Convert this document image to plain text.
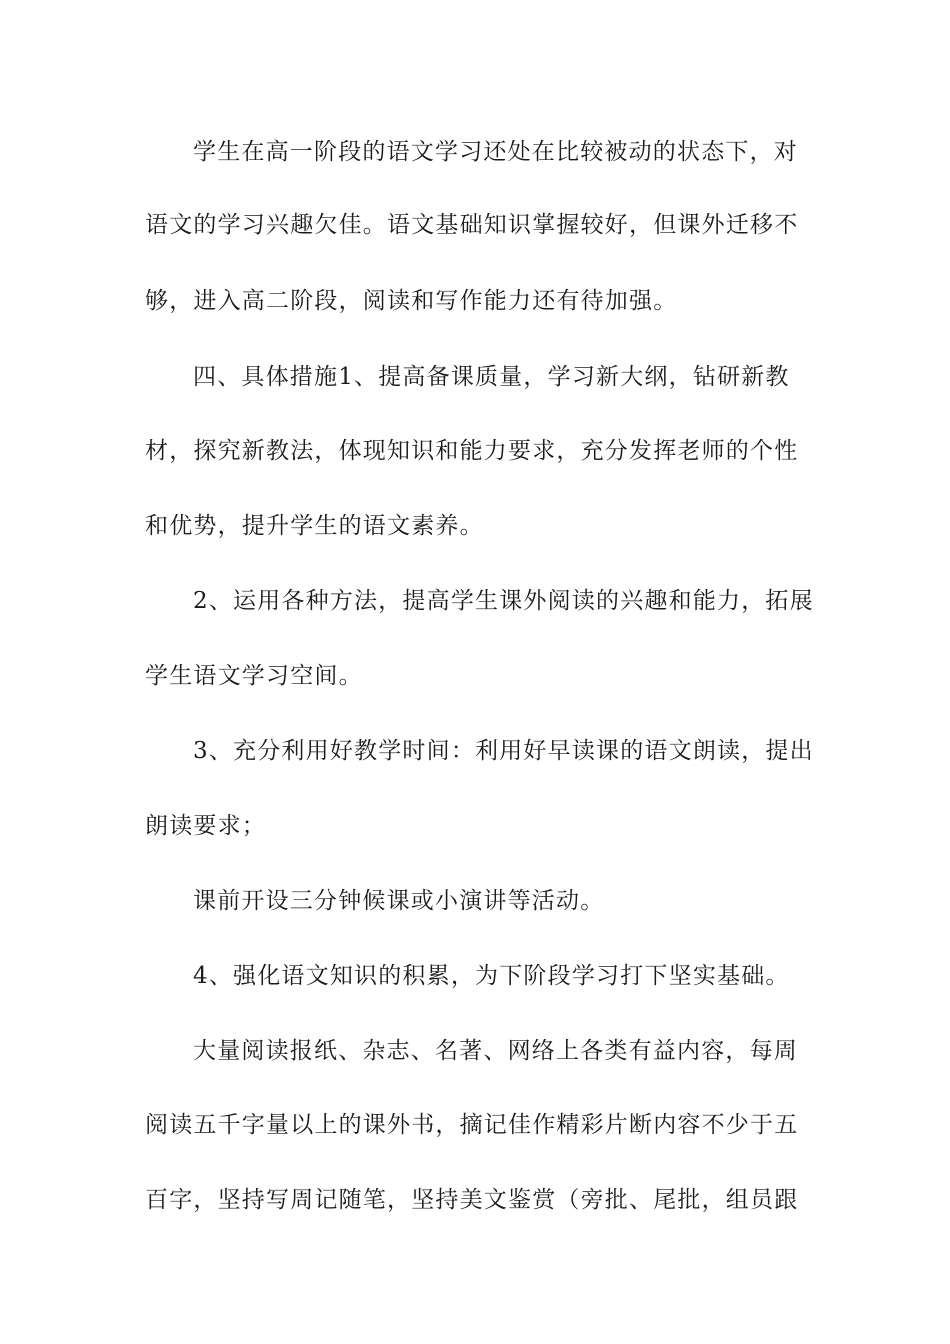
学生在高一阶段的语文学习还处在比较被动的状态下，对
语文的学习兴趣欠佳。语文基础知识掌握较好，但课外迁移不
够，进入高二阶段，阅读和写作能力还有待加强。
四、具体措施1、提高备课质量，学习新大纲，钻研新教
材，探究新教法，体现知识和能力要求，充分发挥老师的个性
和优势，提升学生的语文素养。
2、运用各种方法，提高学生课外阅读的兴趣和能力，拓展
学生语文学习空间。
3、充分利用好教学时间：利用好早读课的语文朗读，提出
朗读要求；
课前开设三分钟候课或小演讲等活动。
4、强化语文知识的积累，为下阶段学习打下坚实基础。
大量阅读报纸、杂志、名著、网络上各类有益内容，每周
阅读五千字量以上的课外书，摘记佳作精彩片断内容不少于五
百字，坚持写周记随笔，坚持美文鉴赏（旁批、尾批，组员跟
